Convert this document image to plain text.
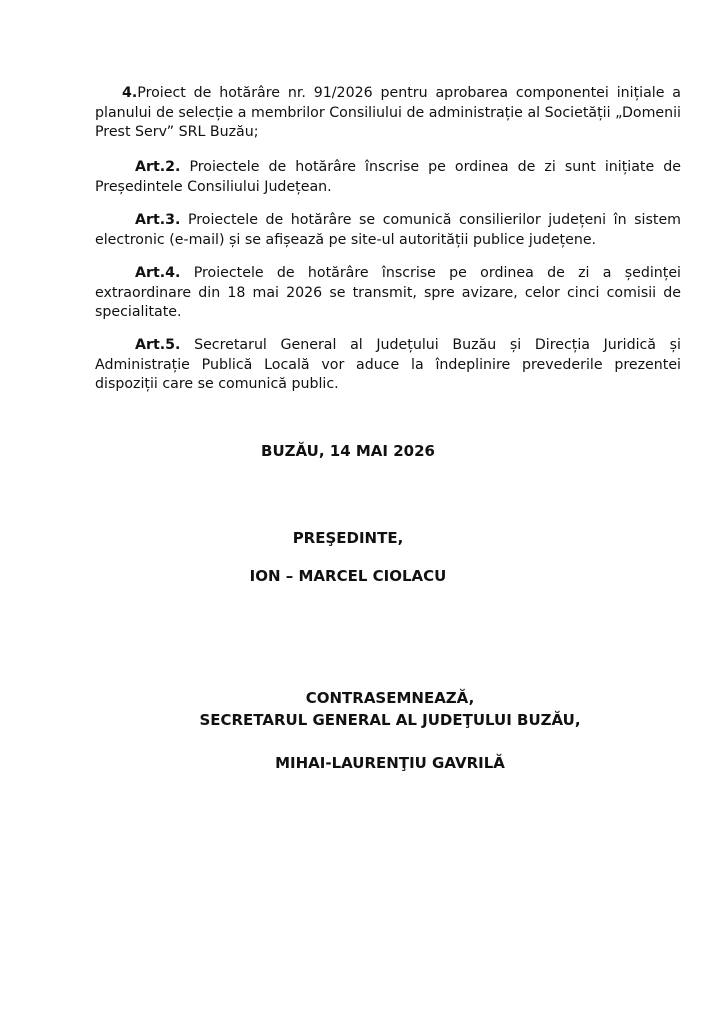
4.Proiect de hotărâre nr. 91/2026 pentru aprobarea componentei inițiale a planului de selecție a membrilor Consiliului de administrație al Societății „Domenii Prest Serv” SRL Buzău;
Art.2. Proiectele de hotărâre înscrise pe ordinea de zi sunt inițiate de Președintele Consiliului Județean.
Art.3. Proiectele de hotărâre se comunică consilierilor județeni în sistem electronic (e-mail) și se afișează pe site-ul autorității publice județene.
Art.4. Proiectele de hotărâre înscrise pe ordinea de zi a ședinței extraordinare din 18 mai 2026 se transmit, spre avizare, celor cinci comisii de specialitate.
Art.5. Secretarul General al Județului Buzău și Direcția Juridică și Administrație Publică Locală vor aduce la îndeplinire prevederile prezentei dispoziții care se comunică public.
BUZĂU, 14 MAI 2026
PREŞEDINTE,
ION – MARCEL CIOLACU
CONTRASEMNEAZĂ,
SECRETARUL GENERAL AL JUDEŢULUI BUZĂU,
MIHAI-LAURENŢIU GAVRILĂ
